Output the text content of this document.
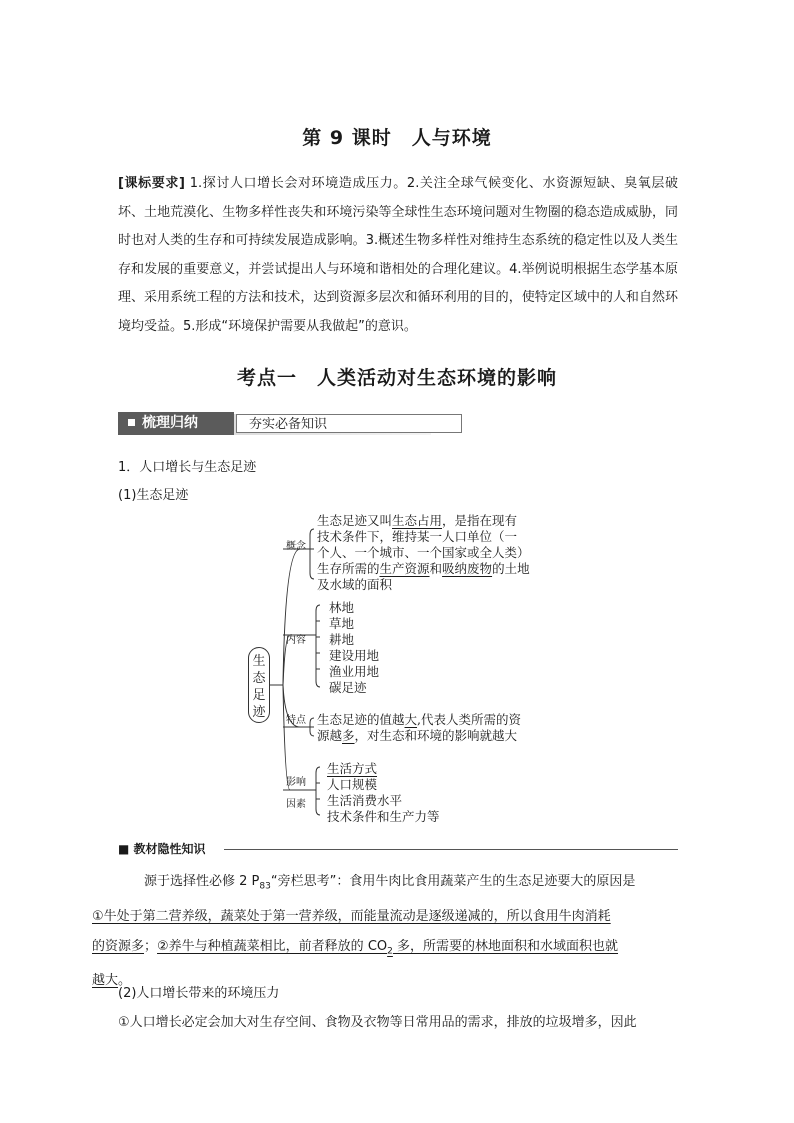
第 9 课时　人与环境
[课标要求] 1.探讨人口增长会对环境造成压力。2.关注全球气候变化、水资源短缺、臭氧层破坏、土地荒漠化、生物多样性丧失和环境污染等全球性生态环境问题对生物圈的稳态造成威胁，同时也对人类的生存和可持续发展造成影响。3.概述生物多样性对维持生态系统的稳定性以及人类生存和发展的重要意义，并尝试提出人与环境和谐相处的合理化建议。4.举例说明根据生态学基本原理、采用系统工程的方法和技术，达到资源多层次和循环利用的目的，使特定区域中的人和自然环境均受益。5.形成“环境保护需要从我做起”的意识。
考点一　人类活动对生态环境的影响
梳理归纳	夯实必备知识
1．人口增长与生态足迹
(1)生态足迹
生
态
足
迹
概念
内容
特点
影响
因素
生态足迹又叫生态占用，是指在现有
技术条件下，维持某一人口单位（一
个人、一个城市、一个国家或全人类）
生存所需的生产资源和吸纳废物的土地
及水域的面积
林地
草地
耕地
建设用地
渔业用地
碳足迹
生态足迹的值越大,代表人类所需的资
源越多，对生态和环境的影响就越大
生活方式
人口规模
生活消费水平
技术条件和生产力等
■ 教材隐性知识
源于选择性必修 2 $P_{83}“$旁栏思考”：食用牛肉比食用蔬菜产生的生态足迹要大的原因是
①牛处于第二营养级，蔬菜处于第一营养级，而能量流动是逐级递减的，所以食用牛肉消耗
的资源多；②养牛与种植蔬菜相比，前者释放的 $CO_2$ 多，所需要的林地面积和水域面积也就
越大。
(2)人口增长带来的环境压力
①人口增长必定会加大对生存空间、食物及衣物等日常用品的需求，排放的垃圾增多，因此
